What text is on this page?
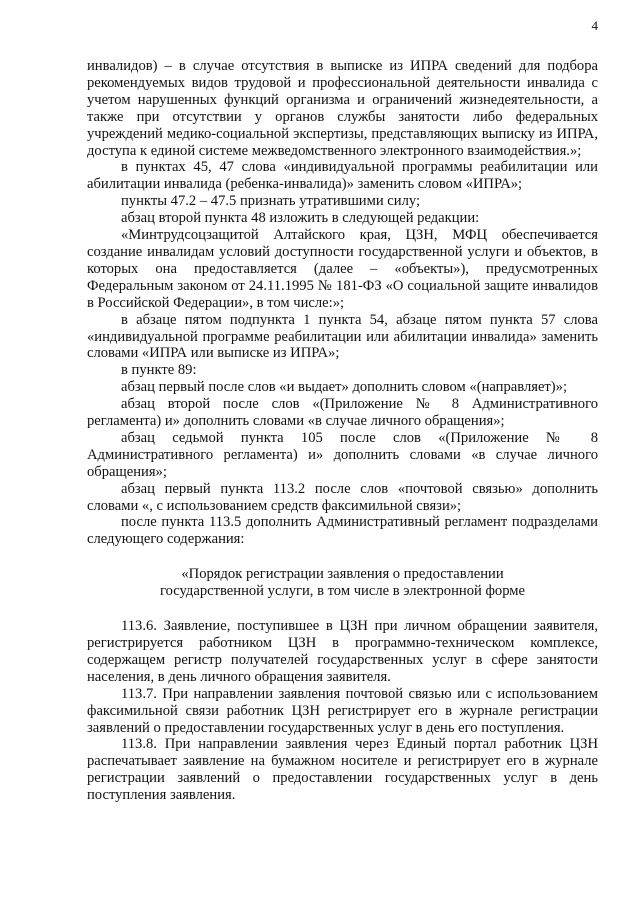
4

инвалидов) – в случае отсутствия в выписке из ИПРА сведений для подбора рекомендуемых видов трудовой и профессиональной деятельности инвалида с учетом нарушенных функций организма и ограничений жизнедеятельности, а также при отсутствии у органов службы занятости либо федеральных учреждений медико-социальной экспертизы, представляющих выписку из ИПРА, доступа к единой системе межведомственного электронного взаимодействия.»;

в пунктах 45, 47 слова «индивидуальной программы реабилитации или абилитации инвалида (ребенка-инвалида)» заменить словом «ИПРА»;

пункты 47.2 – 47.5 признать утратившими силу;

абзац второй пункта 48 изложить в следующей редакции:

«Минтрудсоцзащитой Алтайского края, ЦЗН, МФЦ обеспечивается создание инвалидам условий доступности государственной услуги и объектов, в которых она предоставляется (далее – «объекты»), предусмотренных Федеральным законом от 24.11.1995 № 181-ФЗ «О социальной защите инвалидов в Российской Федерации», в том числе:»;

в абзаце пятом подпункта 1 пункта 54, абзаце пятом пункта 57 слова «индивидуальной программе реабилитации или абилитации инвалида» заменить словами «ИПРА или выписке из ИПРА»;

в пункте 89:

абзац первый после слов «и выдает» дополнить словом «(направляет)»;

абзац второй после слов «(Приложение № 8 Административного регламента) и» дополнить словами «в случае личного обращения»;

абзац седьмой пункта 105 после слов «(Приложение № 8 Административного регламента) и» дополнить словами «в случае личного обращения»;

абзац первый пункта 113.2 после слов «почтовой связью» дополнить словами «, с использованием средств факсимильной связи»;

после пункта 113.5 дополнить Административный регламент подразделами следующего содержания:

«Порядок регистрации заявления о предоставлении
государственной услуги, в том числе в электронной форме

113.6. Заявление, поступившее в ЦЗН при личном обращении заявителя, регистрируется работником ЦЗН в программно-техническом комплексе, содержащем регистр получателей государственных услуг в сфере занятости населения, в день личного обращения заявителя.

113.7. При направлении заявления почтовой связью или с использованием факсимильной связи работник ЦЗН регистрирует его в журнале регистрации заявлений о предоставлении государственных услуг в день его поступления.

113.8. При направлении заявления через Единый портал работник ЦЗН распечатывает заявление на бумажном носителе и регистрирует его в журнале регистрации заявлений о предоставлении государственных услуг в день поступления заявления.
